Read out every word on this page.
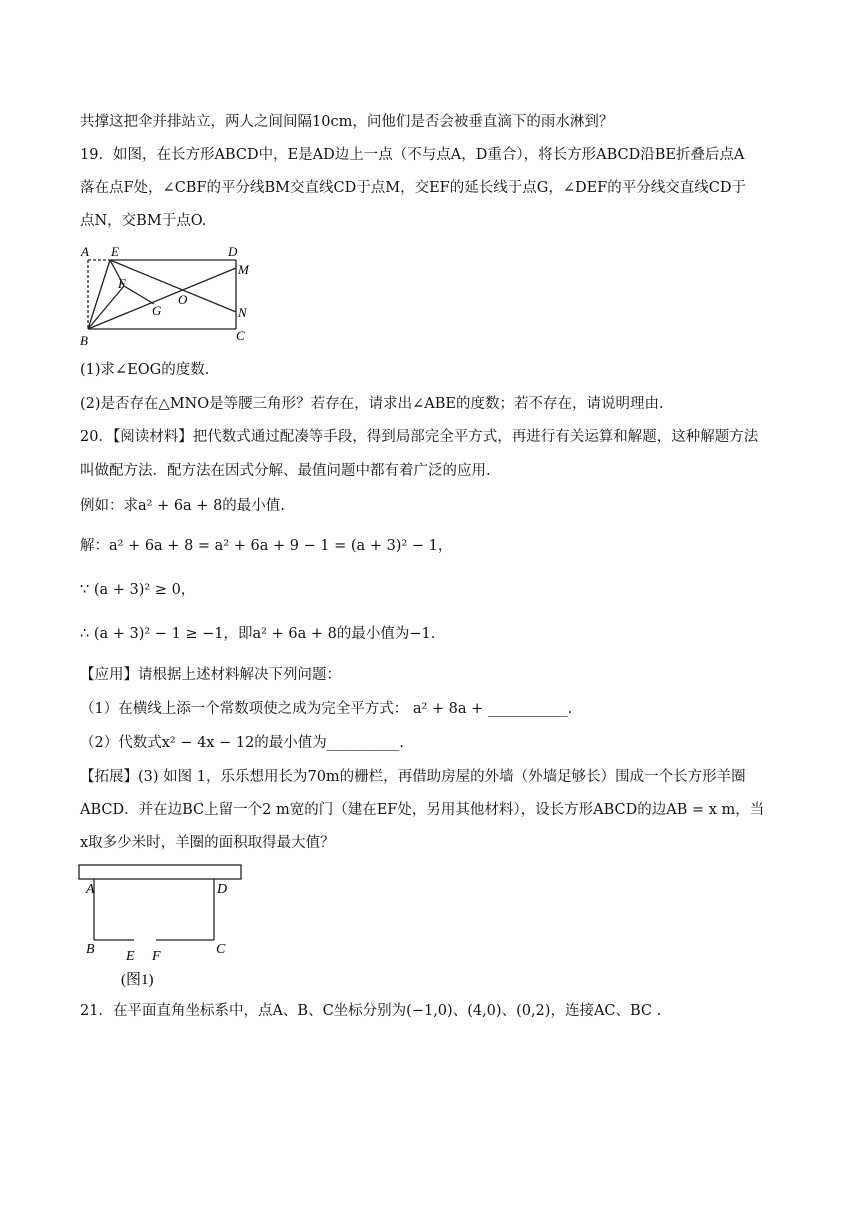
共撑这把伞并排站立，两人之间间隔10cm，问他们是否会被垂直滴下的雨水淋到？
19．如图，在长方形ABCD中，E是AD边上一点（不与点A，D重合），将长方形ABCD沿BE折叠后点A
落在点F处，∠CBF的平分线BM交直线CD于点M，交EF的延长线于点G，∠DEF的平分线交直线CD于
点N，交BM于点O.
A E	D
M
F
O
G	N
B	C
(1)求∠EOG的度数.
(2)是否存在△MNO是等腰三角形？若存在，请求出∠ABE的度数；若不存在，请说明理由.
20．【阅读材料】把代数式通过配凑等手段，得到局部完全平方式，再进行有关运算和解题，这种解题方法
叫做配方法．配方法在因式分解、最值问题中都有着广泛的应用.
例如：求a² + 6a + 8的最小值.
解：a² + 6a + 8 = a² + 6a + 9 − 1 = (a + 3)² − 1，
∵ (a + 3)² ≥ 0，
∴ (a + 3)² − 1 ≥ −1，即a² + 6a + 8的最小值为−1.
【应用】请根据上述材料解决下列问题：
（1）在横线上添一个常数项使之成为完全平方式： a² + 8a + ___________.
（2）代数式x² − 4x − 12的最小值为__________.
【拓展】(3) 如图 1，乐乐想用长为70m的栅栏，再借助房屋的外墙（外墙足够长）围成一个长方形羊圈
ABCD．并在边BC上留一个2 m宽的门（建在EF处，另用其他材料），设长方形ABCD的边AB = x m，当
x取多少米时，羊圈的面积取得最大值？
A	D
B E F	C
(图1)
21．在平面直角坐标系中，点A、B、C坐标分别为(−1,0)、(4,0)、(0,2)，连接AC、BC .
